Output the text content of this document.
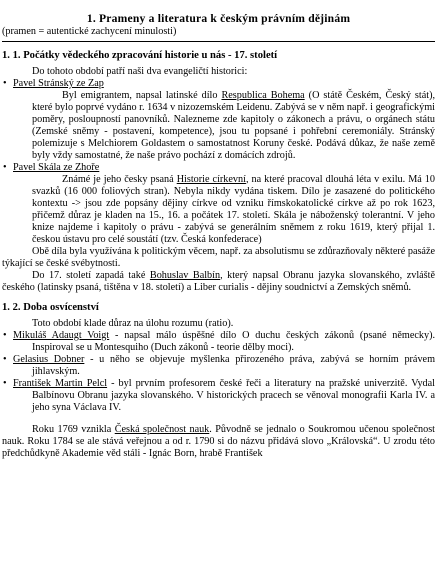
1. Prameny a literatura k českým právním dějinám

(pramen = autentické zachycení minulosti)

1. 1. Počátky vědeckého zpracování historie u nás - 17. století

Do tohoto období patří naši dva evangeličtí historici:

• Pavel Stránský ze Zap

Byl emigrantem, napsal latinské dílo Respublica Bohema (O státě Českém, Český stát), které bylo poprvé vydáno r. 1634 v nizozemském Leidenu. Zabývá se v něm např. i geografickými poměry, posloupností panovníků. Nalezneme zde kapitoly o zákonech a právu, o orgánech státu (Zemské sněmy - postavení, kompetence), jsou tu popsané i pohřební ceremoniály. Stránský polemizuje s Melchiorem Goldastem o samostatnost Koruny české. Podává důkaz, že naše země byly vždy samostatné, že naše právo pochází z domácích zdrojů.

• Pavel Skála ze Zhoře

Známé je jeho česky psaná Historie církevní, na které pracoval dlouhá léta v exilu. Má 10 svazků (16 000 foliových stran). Nebyla nikdy vydána tiskem. Dílo je zasazené do politického kontextu -> jsou zde popsány dějiny církve od vzniku římskokatolické církve až po rok 1623, přičemž důraz je kladen na 15., 16. a počátek 17. století. Skála je náboženský tolerantní. V jeho knize najdeme i kapitoly o právu - zabývá se generálním sněmem z roku 1619, který přijal 1. českou ústavu pro celé soustátí (tzv. Česká konfederace)

Obě díla byla využívána k politickým věcem, např. za absolutismu se zdůrazňovaly některé pasáže týkající se české svébytnosti.

Do 17. století zapadá také Bohuslav Balbín, který napsal Obranu jazyka slovanského, zvláště českého (latinsky psaná, tištěna v 18. století) a Liber curialis - dějiny soudnictví a Zemských sněmů.

1. 2. Doba osvícenství

Toto období klade důraz na úlohu rozumu (ratio).

• Mikuláš Adaugt Voigt - napsal málo úspěšné dílo O duchu českých zákonů (psané německy). Inspiroval se u Montesquiho (Duch zákonů - teorie dělby moci).

• Gelasius Dobner - u něho se objevuje myšlenka přirozeného práva, zabývá se horním právem jihlavským.

• František Martin Pelcl - byl prvním profesorem české řeči a literatury na pražské univerzitě. Vydal Balbínovu Obranu jazyka slovanského. V historických pracech se věnoval monografii Karla IV. a jeho syna Václava IV.

Roku 1769 vznikla Česká společnost nauk. Původně se jednalo o Soukromou učenou společnost nauk. Roku 1784 se ale stává veřejnou a od r. 1790 si do názvu přidává slovo „Královská“. U zrodu této předchůdkyně Akademie věd stáli - Ignác Born, hrabě František
